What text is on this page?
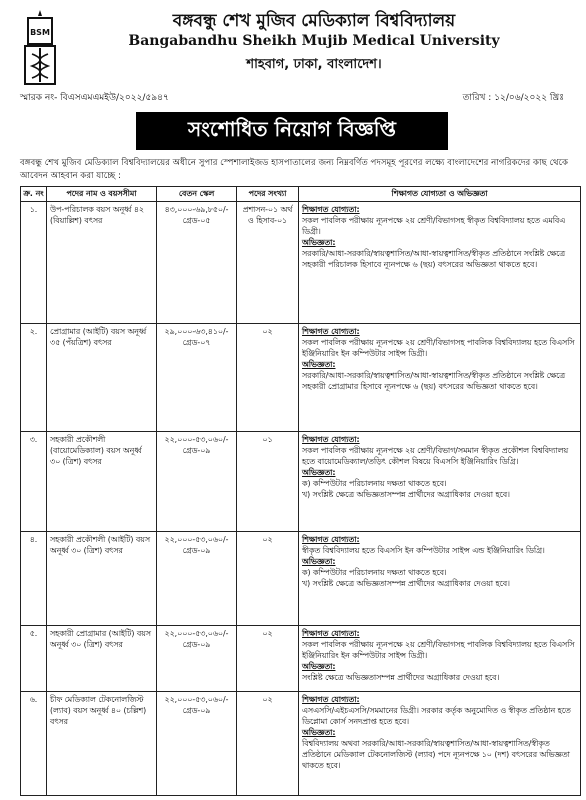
BSM
বঙ্গবন্ধু শেখ মুজিব মেডিক্যাল বিশ্ববিদ্যালয়
Bangabandhu Sheikh Mujib Medical University
শাহবাগ, ঢাকা, বাংলাদেশ।
স্মারক নং- বিএসএমএমইউ/২০২২/৫৯৪৭	তারিখ : ১২/০৬/২০২২ খ্রিঃ
সংশোধিত নিয়োগ বিজ্ঞপ্তি
বঙ্গবন্ধু শেখ মুজিব মেডিক্যাল বিশ্ববিদ্যালয়ের অধীনে সুপার স্পেশালাইজড হাসপাতালের জন্য নিম্নবর্ণিত পদসমূহ পূরণের লক্ষ্যে বাংলাদেশের নাগরিকদের কাছ থেকে আবেদন আহবান করা যাচ্ছে :
ক্র. নং	পদের নাম ও বয়সসীমা	বেতন স্কেল	পদের সংখ্যা	শিক্ষাগত যোগ্যতা ও অভিজ্ঞতা
১.	উপ-পরিচালক বয়স অনূর্ধ্ব ৪২ (বিয়াল্লিশ) বৎসর	৪৩,০০০-৬৯,৮৫০/- গ্রেড-০৫	প্রশাসন-০১ অর্থ ও হিসাব-০১	শিক্ষাগত যোগ্যতা:
সকল পাবলিক পরীক্ষায় ন্যূনপক্ষে ২য় শ্রেণী/বিভাগসহ স্বীকৃত বিশ্ববিদ্যালয় হতে এমবিএ ডিগ্রী।
অভিজ্ঞতা:
সরকারি/আধা-সরকারি/স্বায়ত্বশাসিত/আধা-স্বায়ত্বশাসিত/স্বীকৃত প্রতিষ্ঠানে সংশ্লিষ্ট ক্ষেত্রে সহকারী পরিচালক হিসাবে ন্যূনপক্ষে ৬ (ছয়) বৎসরের অভিজ্ঞতা থাকতে হবে।

২.	প্রোগ্রামার (আইটি) বয়স অনূর্ধ্ব ৩৫ (পঁয়ত্রিশ) বৎসর	২৯,০০০-৬৩,৪১০/- গ্রেড-০৭	০২	শিক্ষাগত যোগ্যতা:
সকল পাবলিক পরীক্ষায় ন্যূনপক্ষে ২য় শ্রেণী/বিভাগসহ পাবলিক বিশ্ববিদ্যালয় হতে বিএসসি ইঞ্জিনিয়ারিং ইন কম্পিউটার সাইন্স ডিগ্রী।
অভিজ্ঞতা:
সরকারি/আধা-সরকারি/স্বায়ত্বশাসিত/আধা-স্বায়ত্বশাসিত/স্বীকৃত প্রতিষ্ঠানে সংশ্লিষ্ট ক্ষেত্রে সহকারী প্রোগ্রামার হিসাবে ন্যূনপক্ষে ৬ (ছয়) বৎসরের অভিজ্ঞতা থাকতে হবে।

৩.	সহকারী প্রকৌশলী (বায়োমেডিক্যাল) বয়স অনূর্ধ্ব ৩০ (ত্রিশ) বৎসর	২২,০০০-৫৩,০৬০/- গ্রেড-০৯	০১	শিক্ষাগত যোগ্যতা:
সকল পাবলিক পরীক্ষায় ন্যূনপক্ষে ২য় শ্রেণী/বিভাগ/সমমান স্বীকৃত প্রকৌশল বিশ্ববিদ্যালয় হতে বায়োমেডিক্যাল/তড়িৎ কৌশল বিষয়ে বিএসসি ইঞ্জিনিয়ারিং ডিগ্রি।
অভিজ্ঞতা:
ক) কম্পিউটার পরিচালনায় দক্ষতা থাকতে হবে।
খ) সংশ্লিষ্ট ক্ষেত্রে অভিজ্ঞতাসম্পন্ন প্রার্থীদের অগ্রাধিকার দেওয়া হবে।

৪.	সহকারী প্রকৌশলী (আইটি) বয়স অনূর্ধ্ব ৩০ (ত্রিশ) বৎসর	২২,০০০-৫৩,০৬০/- গ্রেড-০৯	০২	শিক্ষাগত যোগ্যতা:
স্বীকৃত বিশ্ববিদ্যালয় হতে বিএসসি ইন কম্পিউটার সাইন্স এন্ড ইঞ্জিনিয়ারিং ডিগ্রি।
অভিজ্ঞতা:
ক) কম্পিউটার পরিচালনায় দক্ষতা থাকতে হবে।
খ) সংশ্লিষ্ট ক্ষেত্রে অভিজ্ঞতাসম্পন্ন প্রার্থীদের অগ্রাধিকার দেওয়া হবে।

৫.	সহকারী প্রোগ্রামার (আইটি) বয়স অনূর্ধ্ব ৩০ (ত্রিশ) বৎসর	২২,০০০-৫৩,০৬০/- গ্রেড-০৯	০২	শিক্ষাগত যোগ্যতা:
সকল পাবলিক পরীক্ষায় ন্যূনপক্ষে ২য় শ্রেণী/বিভাগসহ পাবলিক বিশ্ববিদ্যালয় হতে বিএসসি ইঞ্জিনিয়ারিং ইন কম্পিউটার সাইন্স ডিগ্রী।
অভিজ্ঞতা:
সংশ্লিষ্ট ক্ষেত্রে অভিজ্ঞতাসম্পন্ন প্রার্থীদের অগ্রাধিকার দেওয়া হবে।

৬.	চীফ মেডিক্যাল টেকনোলজিস্ট (ল্যাব) বয়স অনূর্ধ্ব ৪০ (চল্লিশ) বৎসর	২২,০০০-৫৩,০৬০/- গ্রেড-০৯	০২	শিক্ষাগত যোগ্যতা:
এসএসসি/এইচএসসি/সমমানের ডিগ্রী। সরকার কর্তৃক অনুমোদিত ও স্বীকৃত প্রতিষ্ঠান হতে ডিপ্লোমা কোর্স সনদপ্রাপ্ত হতে হবে।
অভিজ্ঞতা:
বিশ্ববিদ্যালয় অথবা সরকারি/আধা-সরকারি/স্বায়ত্বশাসিত/আধা-স্বায়ত্বশাসিত/স্বীকৃত প্রতিষ্ঠানে মেডিক্যাল টেকনোলজিস্ট (ল্যাব) পদে ন্যূনপক্ষে ১০ (দশ) বৎসরের অভিজ্ঞতা থাকতে হবে।
